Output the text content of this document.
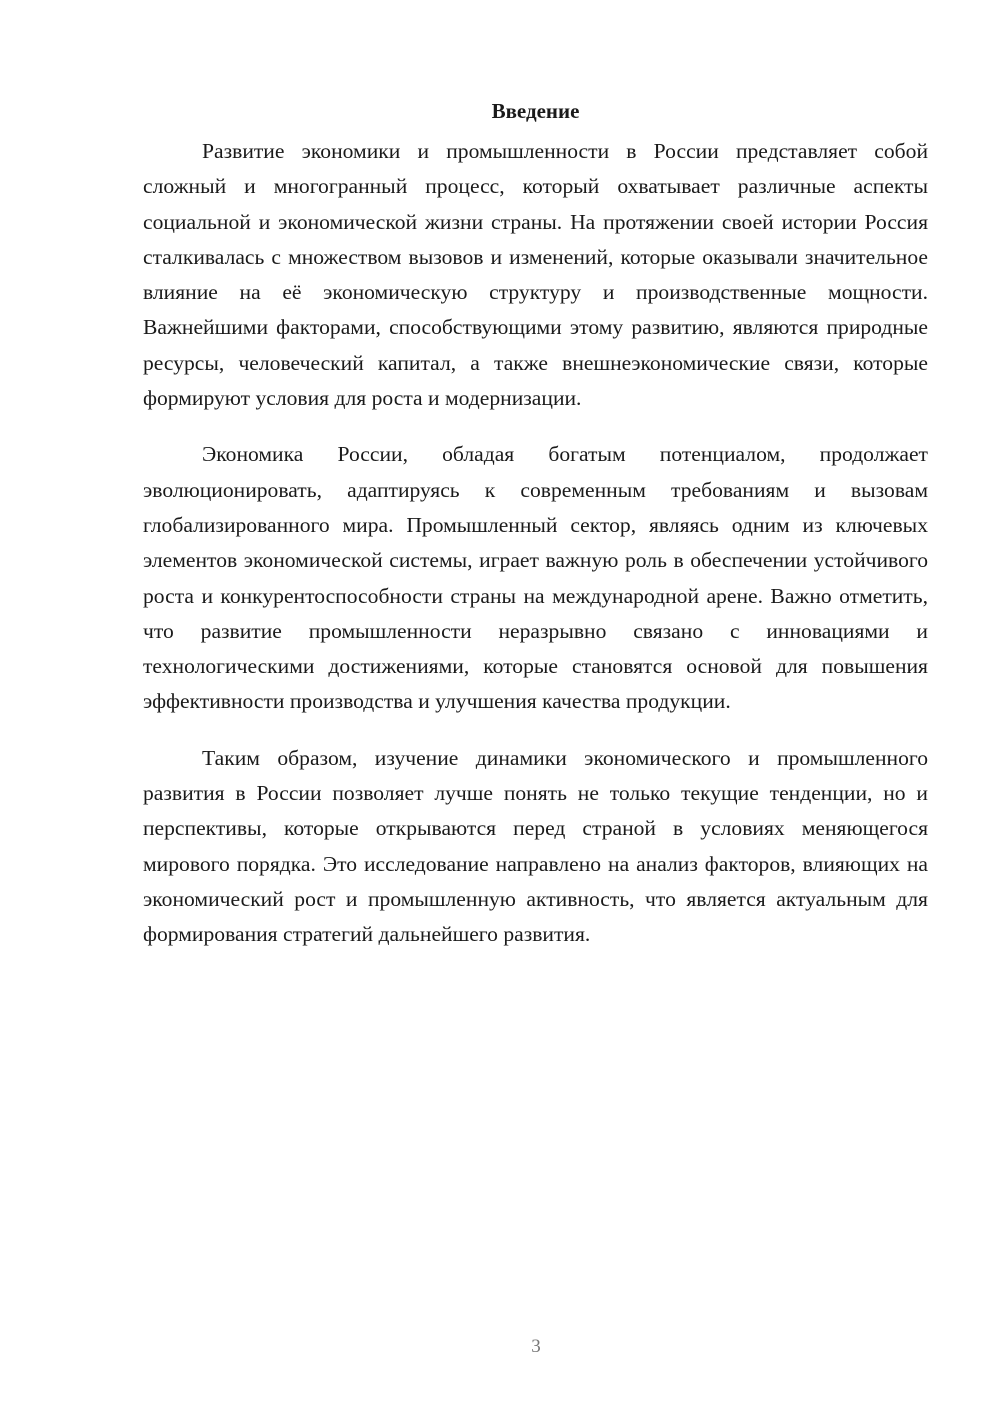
Введение

Развитие экономики и промышленности в России представляет собой сложный и многогранный процесс, который охватывает различные аспекты социальной и экономической жизни страны. На протяжении своей истории Россия сталкивалась с множеством вызовов и изменений, которые оказывали значительное влияние на её экономическую структуру и производственные мощности. Важнейшими факторами, способствующими этому развитию, являются природные ресурсы, человеческий капитал, а также внешнеэкономические связи, которые формируют условия для роста и модернизации.

Экономика России, обладая богатым потенциалом, продолжает эволюционировать, адаптируясь к современным требованиям и вызовам глобализированного мира. Промышленный сектор, являясь одним из ключевых элементов экономической системы, играет важную роль в обеспечении устойчивого роста и конкурентоспособности страны на международной арене. Важно отметить, что развитие промышленности неразрывно связано с инновациями и технологическими достижениями, которые становятся основой для повышения эффективности производства и улучшения качества продукции.

Таким образом, изучение динамики экономического и промышленного развития в России позволяет лучше понять не только текущие тенденции, но и перспективы, которые открываются перед страной в условиях меняющегося мирового порядка. Это исследование направлено на анализ факторов, влияющих на экономический рост и промышленную активность, что является актуальным для формирования стратегий дальнейшего развития.

3
